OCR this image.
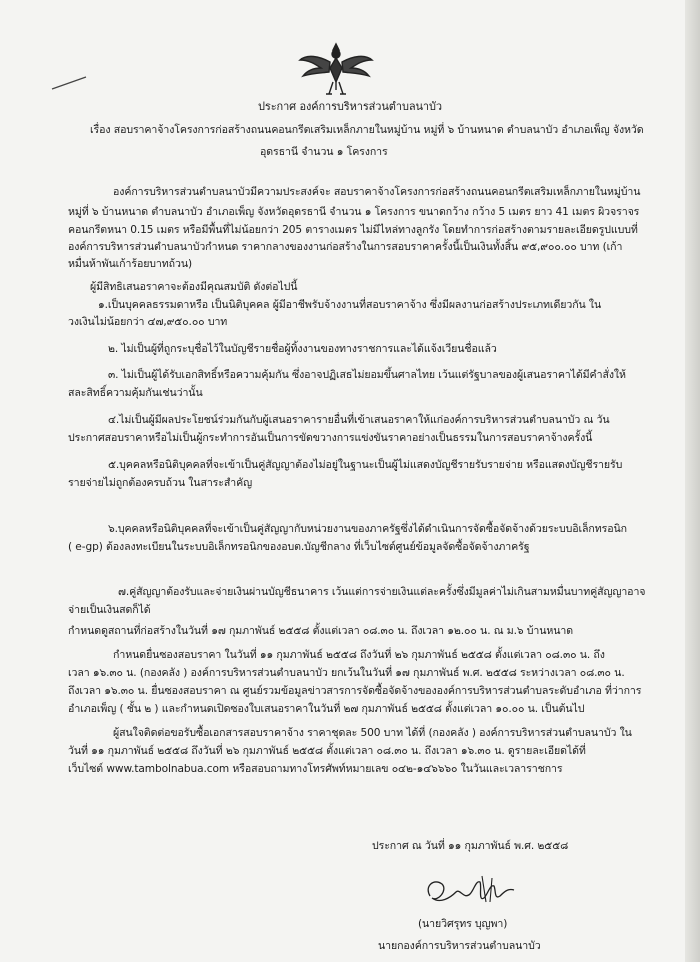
ประกาศ องค์การบริหารส่วนตำบลนาบัว
เรื่อง สอบราคาจ้างโครงการก่อสร้างถนนคอนกรีตเสริมเหล็กภายในหมู่บ้าน หมู่ที่ ๖ บ้านหนาด ตำบลนาบัว อำเภอเพ็ญ จังหวัด
อุดรธานี จำนวน ๑ โครงการ
องค์การบริหารส่วนตำบลนาบัวมีความประสงค์จะ สอบราคาจ้างโครงการก่อสร้างถนนคอนกรีตเสริมเหล็กภายในหมู่บ้าน
หมู่ที่ ๖ บ้านหนาด ตำบลนาบัว อำเภอเพ็ญ จังหวัดอุดรธานี จำนวน ๑ โครงการ ขนาดกว้าง กว้าง 5 เมตร ยาว 41 เมตร ผิวจราจร
คอนกรีตหนา 0.15 เมตร หรือมีพื้นที่ไม่น้อยกว่า 205 ตารางเมตร ไม่มีไหล่ทางลูกรัง โดยทำการก่อสร้างตามรายละเอียดรูปแบบที่
องค์การบริหารส่วนตำบลนาบัวกำหนด ราคากลางของงานก่อสร้างในการสอบราคาครั้งนี้เป็นเงินทั้งสิ้น ๙๕,๙๐๐.๐๐ บาท (เก้า
หมื่นห้าพันเก้าร้อยบาทถ้วน)
ผู้มีสิทธิเสนอราคาจะต้องมีคุณสมบัติ ดังต่อไปนี้
๑.เป็นบุคคลธรรมดาหรือ เป็นนิติบุคคล ผู้มีอาชีพรับจ้างงานที่สอบราคาจ้าง ซึ่งมีผลงานก่อสร้างประเภทเดียวกัน ใน
วงเงินไม่น้อยกว่า ๔๗,๙๕๐.๐๐ บาท
๒. ไม่เป็นผู้ที่ถูกระบุชื่อไว้ในบัญชีรายชื่อผู้ทิ้งงานของทางราชการและได้แจ้งเวียนชื่อแล้ว
๓. ไม่เป็นผู้ได้รับเอกสิทธิ์หรือความคุ้มกัน ซึ่งอาจปฏิเสธไม่ยอมขึ้นศาลไทย เว้นแต่รัฐบาลของผู้เสนอราคาได้มีคำสั่งให้
สละสิทธิ์ความคุ้มกันเช่นว่านั้น
๔.ไม่เป็นผู้มีผลประโยชน์ร่วมกันกับผู้เสนอราคารายอื่นที่เข้าเสนอราคาให้แก่องค์การบริหารส่วนตำบลนาบัว ณ วัน
ประกาศสอบราคาหรือไม่เป็นผู้กระทำการอันเป็นการขัดขวางการแข่งขันราคาอย่างเป็นธรรมในการสอบราคาจ้างครั้งนี้
๕.บุคคลหรือนิติบุคคลที่จะเข้าเป็นคู่สัญญาต้องไม่อยู่ในฐานะเป็นผู้ไม่แสดงบัญชีรายรับรายจ่าย หรือแสดงบัญชีรายรับ
รายจ่ายไม่ถูกต้องครบถ้วน ในสาระสำคัญ
๖.บุคคลหรือนิติบุคคลที่จะเข้าเป็นคู่สัญญากับหน่วยงานของภาครัฐซึ่งได้ดำเนินการจัดซื้อจัดจ้างด้วยระบบอิเล็กทรอนิก
( e-gp) ต้องลงทะเบียนในระบบอิเล็กทรอนิกของอบต.บัญชีกลาง ที่เว็บไซต์ศูนย์ข้อมูลจัดซื้อจัดจ้างภาครัฐ
๗.คู่สัญญาต้องรับและจ่ายเงินผ่านบัญชีธนาคาร เว้นแต่การจ่ายเงินแต่ละครั้งซึ่งมีมูลค่าไม่เกินสามหมื่นบาทคู่สัญญาอาจ
จ่ายเป็นเงินสดก็ได้
กำหนดดูสถานที่ก่อสร้างในวันที่ ๑๗ กุมภาพันธ์ ๒๕๕๘ ตั้งแต่เวลา ๐๘.๓๐ น. ถึงเวลา ๑๒.๐๐ น. ณ ม.๖ บ้านหนาด
กำหนดยื่นซองสอบราคา ในวันที่ ๑๑ กุมภาพันธ์ ๒๕๕๘ ถึงวันที่ ๒๖ กุมภาพันธ์ ๒๕๕๘ ตั้งแต่เวลา ๐๘.๓๐ น. ถึง
เวลา ๑๖.๓๐ น. (กองคลัง ) องค์การบริหารส่วนตำบลนาบัว ยกเว้นในวันที่ ๑๗ กุมภาพันธ์ พ.ศ. ๒๕๕๘ ระหว่างเวลา ๐๘.๓๐ น.
ถึงเวลา ๑๖.๓๐ น. ยื่นซองสอบราคา ณ ศูนย์รวมข้อมูลข่าวสารการจัดซื้อจัดจ้างขององค์การบริหารส่วนตำบลระดับอำเภอ ที่ว่าการ
อำเภอเพ็ญ ( ชั้น ๒ ) และกำหนดเปิดซองใบเสนอราคาในวันที่ ๒๗ กุมภาพันธ์ ๒๕๕๘ ตั้งแต่เวลา ๑๐.๐๐ น. เป็นต้นไป
ผู้สนใจติดต่อขอรับซื้อเอกสารสอบราคาจ้าง ราคาชุดละ 500 บาท ได้ที่ (กองคลัง ) องค์การบริหารส่วนตำบลนาบัว ใน
วันที่ ๑๑ กุมภาพันธ์ ๒๕๕๘ ถึงวันที่ ๒๖ กุมภาพันธ์ ๒๕๕๘ ตั้งแต่เวลา ๐๘.๓๐ น. ถึงเวลา ๑๖.๓๐ น. ดูรายละเอียดได้ที่
เว็บไซต์ www.tambolnabua.com หรือสอบถามทางโทรศัพท์หมายเลข ๐๔๒-๑๔๖๖๖๐ ในวันและเวลาราชการ
ประกาศ ณ วันที่ ๑๑ กุมภาพันธ์ พ.ศ. ๒๕๕๘
(นายวิศรุทร บุญพา)
นายกองค์การบริหารส่วนตำบลนาบัว
